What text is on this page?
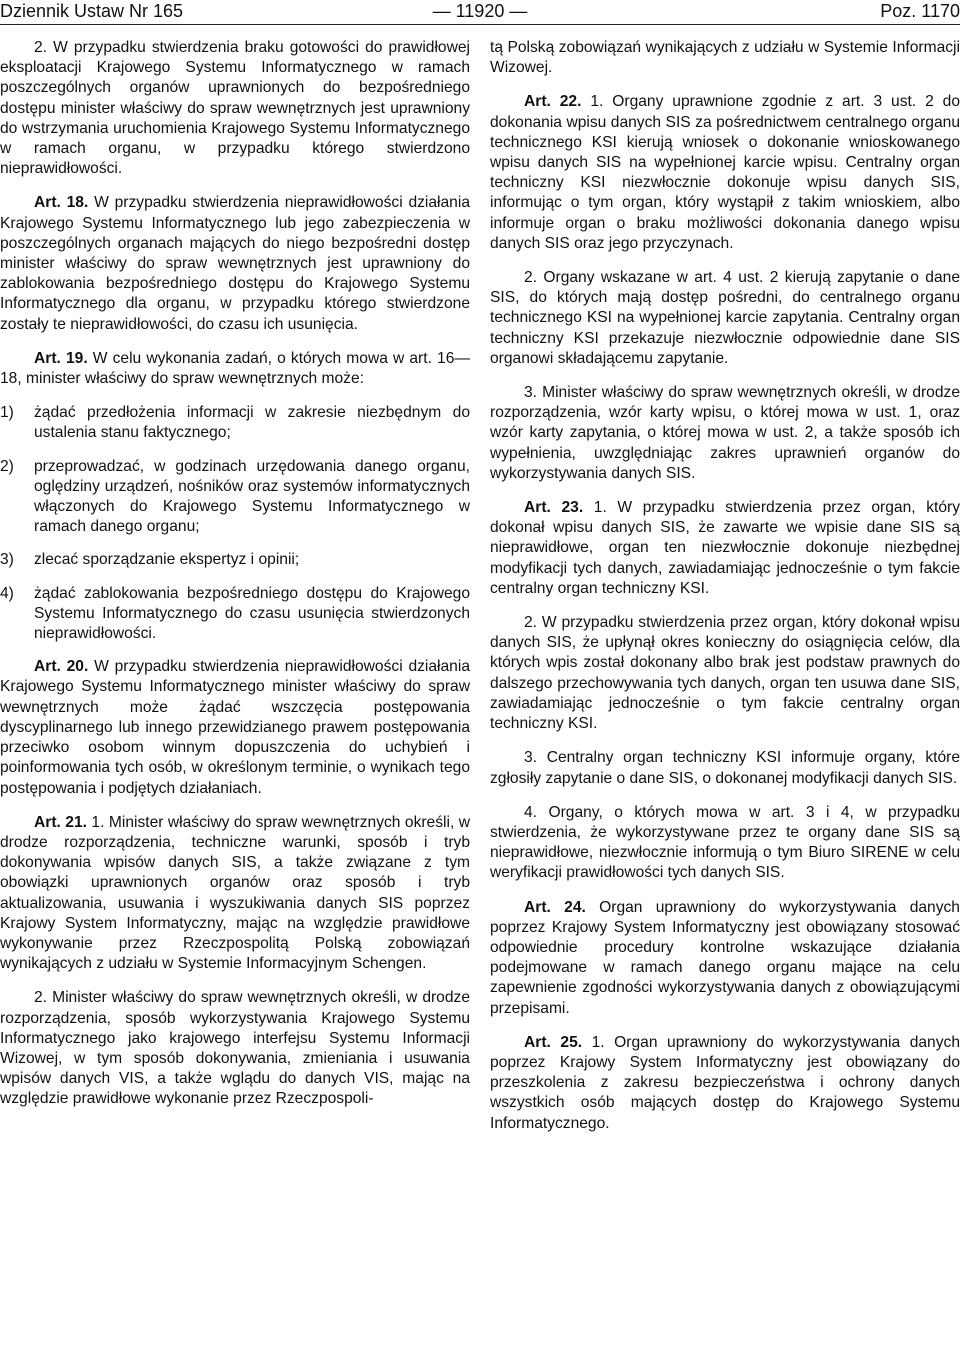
— 11920 —
Dziennik Ustaw Nr 165	Poz. 1170

2. W przypadku stwierdzenia braku gotowości do prawidłowej eksploatacji Krajowego Systemu Informatycznego w ramach poszczególnych organów uprawnionych do bezpośredniego dostępu minister właściwy do spraw wewnętrznych jest uprawniony do wstrzymania uruchomienia Krajowego Systemu Informatycznego w ramach organu, w przypadku którego stwierdzono nieprawidłowości.

Art. 18. W przypadku stwierdzenia nieprawidłowości działania Krajowego Systemu Informatycznego lub jego zabezpieczenia w poszczególnych organach mających do niego bezpośredni dostęp minister właściwy do spraw wewnętrznych jest uprawniony do zablokowania bezpośredniego dostępu do Krajowego Systemu Informatycznego dla organu, w przypadku którego stwierdzone zostały te nieprawidłowości, do czasu ich usunięcia.

Art. 19. W celu wykonania zadań, o których mowa w art. 16—18, minister właściwy do spraw wewnętrznych może:

1) żądać przedłożenia informacji w zakresie niezbędnym do ustalenia stanu faktycznego;

2) przeprowadzać, w godzinach urzędowania danego organu, oględziny urządzeń, nośników oraz systemów informatycznych włączonych do Krajowego Systemu Informatycznego w ramach danego organu;

3) zlecać sporządzanie ekspertyz i opinii;

4) żądać zablokowania bezpośredniego dostępu do Krajowego Systemu Informatycznego do czasu usunięcia stwierdzonych nieprawidłowości.

Art. 20. W przypadku stwierdzenia nieprawidłowości działania Krajowego Systemu Informatycznego minister właściwy do spraw wewnętrznych może żądać wszczęcia postępowania dyscyplinarnego lub innego przewidzianego prawem postępowania przeciwko osobom winnym dopuszczenia do uchybień i poinformowania tych osób, w określonym terminie, o wynikach tego postępowania i podjętych działaniach.

Art. 21. 1. Minister właściwy do spraw wewnętrznych określi, w drodze rozporządzenia, techniczne warunki, sposób i tryb dokonywania wpisów danych SIS, a także związane z tym obowiązki uprawnionych organów oraz sposób i tryb aktualizowania, usuwania i wyszukiwania danych SIS poprzez Krajowy System Informatyczny, mając na względzie prawidłowe wykonywanie przez Rzeczpospolitą Polską zobowiązań wynikających z udziału w Systemie Informacyjnym Schengen.

2. Minister właściwy do spraw wewnętrznych określi, w drodze rozporządzenia, sposób wykorzystywania Krajowego Systemu Informatycznego jako krajowego interfejsu Systemu Informacji Wizowej, w tym sposób dokonywania, zmieniania i usuwania wpisów danych VIS, a także wglądu do danych VIS, mając na względzie prawidłowe wykonanie przez Rzeczpospoli-

tą Polską zobowiązań wynikających z udziału w Systemie Informacji Wizowej.

Art. 22. 1. Organy uprawnione zgodnie z art. 3 ust. 2 do dokonania wpisu danych SIS za pośrednictwem centralnego organu technicznego KSI kierują wniosek o dokonanie wnioskowanego wpisu danych SIS na wypełnionej karcie wpisu. Centralny organ techniczny KSI niezwłocznie dokonuje wpisu danych SIS, informując o tym organ, który wystąpił z takim wnioskiem, albo informuje organ o braku możliwości dokonania danego wpisu danych SIS oraz jego przyczynach.

2. Organy wskazane w art. 4 ust. 2 kierują zapytanie o dane SIS, do których mają dostęp pośredni, do centralnego organu technicznego KSI na wypełnionej karcie zapytania. Centralny organ techniczny KSI przekazuje niezwłocznie odpowiednie dane SIS organowi składającemu zapytanie.

3. Minister właściwy do spraw wewnętrznych określi, w drodze rozporządzenia, wzór karty wpisu, o której mowa w ust. 1, oraz wzór karty zapytania, o której mowa w ust. 2, a także sposób ich wypełnienia, uwzględniając zakres uprawnień organów do wykorzystywania danych SIS.

Art. 23. 1. W przypadku stwierdzenia przez organ, który dokonał wpisu danych SIS, że zawarte we wpisie dane SIS są nieprawidłowe, organ ten niezwłocznie dokonuje niezbędnej modyfikacji tych danych, zawiadamiając jednocześnie o tym fakcie centralny organ techniczny KSI.

2. W przypadku stwierdzenia przez organ, który dokonał wpisu danych SIS, że upłynął okres konieczny do osiągnięcia celów, dla których wpis został dokonany albo brak jest podstaw prawnych do dalszego przechowywania tych danych, organ ten usuwa dane SIS, zawiadamiając jednocześnie o tym fakcie centralny organ techniczny KSI.

3. Centralny organ techniczny KSI informuje organy, które zgłosiły zapytanie o dane SIS, o dokonanej modyfikacji danych SIS.

4. Organy, o których mowa w art. 3 i 4, w przypadku stwierdzenia, że wykorzystywane przez te organy dane SIS są nieprawidłowe, niezwłocznie informują o tym Biuro SIRENE w celu weryfikacji prawidłowości tych danych SIS.

Art. 24. Organ uprawniony do wykorzystywania danych poprzez Krajowy System Informatyczny jest obowiązany stosować odpowiednie procedury kontrolne wskazujące działania podejmowane w ramach danego organu mające na celu zapewnienie zgodności wykorzystywania danych z obowiązującymi przepisami.

Art. 25. 1. Organ uprawniony do wykorzystywania danych poprzez Krajowy System Informatyczny jest obowiązany do przeszkolenia z zakresu bezpieczeństwa i ochrony danych wszystkich osób mających dostęp do Krajowego Systemu Informatycznego.
